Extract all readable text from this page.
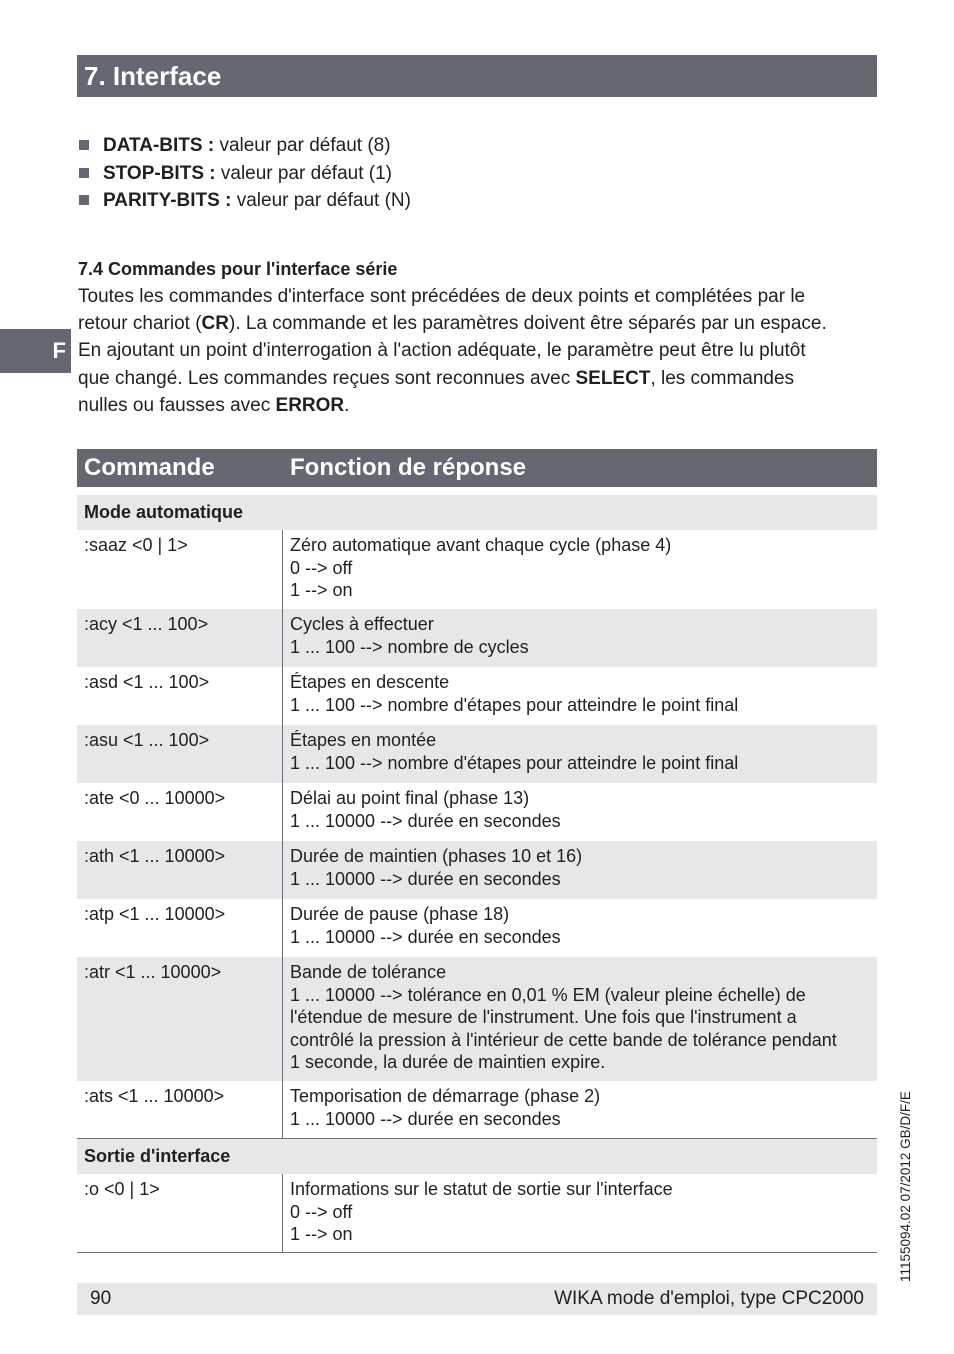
7. Interface
F
DATA-BITS : valeur par défaut (8)
STOP-BITS : valeur par défaut (1)
PARITY-BITS : valeur par défaut (N)
7.4 Commandes pour l'interface série

Toutes les commandes d'interface sont précédées de deux points et complétées par le
retour chariot (CR). La commande et les paramètres doivent être séparés par un espace.
En ajoutant un point d'interrogation à l'action adéquate, le paramètre peut être lu plutôt
que changé. Les commandes reçues sont reconnues avec SELECT, les commandes
nulles ou fausses avec ERROR.

Commande	Fonction de réponse
Mode automatique
:saaz <0 | 1>	Zéro automatique avant chaque cycle (phase 4)
0 --> off
1 --> on
:acy <1 ... 100>	Cycles à effectuer
1 ... 100 --> nombre de cycles
:asd <1 ... 100>	Étapes en descente
1 ... 100 --> nombre d'étapes pour atteindre le point final
:asu <1 ... 100>	Étapes en montée
1 ... 100 --> nombre d'étapes pour atteindre le point final
:ate <0 ... 10000>	Délai au point final (phase 13)
1 ... 10000 --> durée en secondes
:ath <1 ... 10000>	Durée de maintien (phases 10 et 16)
1 ... 10000 --> durée en secondes
:atp <1 ... 10000>	Durée de pause (phase 18)
1 ... 10000 --> durée en secondes
:atr <1 ... 10000>	Bande de tolérance
1 ... 10000 --> tolérance en 0,01 % EM (valeur pleine échelle) de
l'étendue de mesure de l'instrument. Une fois que l'instrument a
contrôlé la pression à l'intérieur de cette bande de tolérance pendant
1 seconde, la durée de maintien expire.
:ats <1 ... 10000>	Temporisation de démarrage (phase 2)
1 ... 10000 --> durée en secondes
Sortie d'interface
:o <0 | 1>	Informations sur le statut de sortie sur l'interface
0 --> off
1 --> on
90	WIKA mode d'emploi, type CPC2000
11155094.02 07/2012 GB/D/F/E
